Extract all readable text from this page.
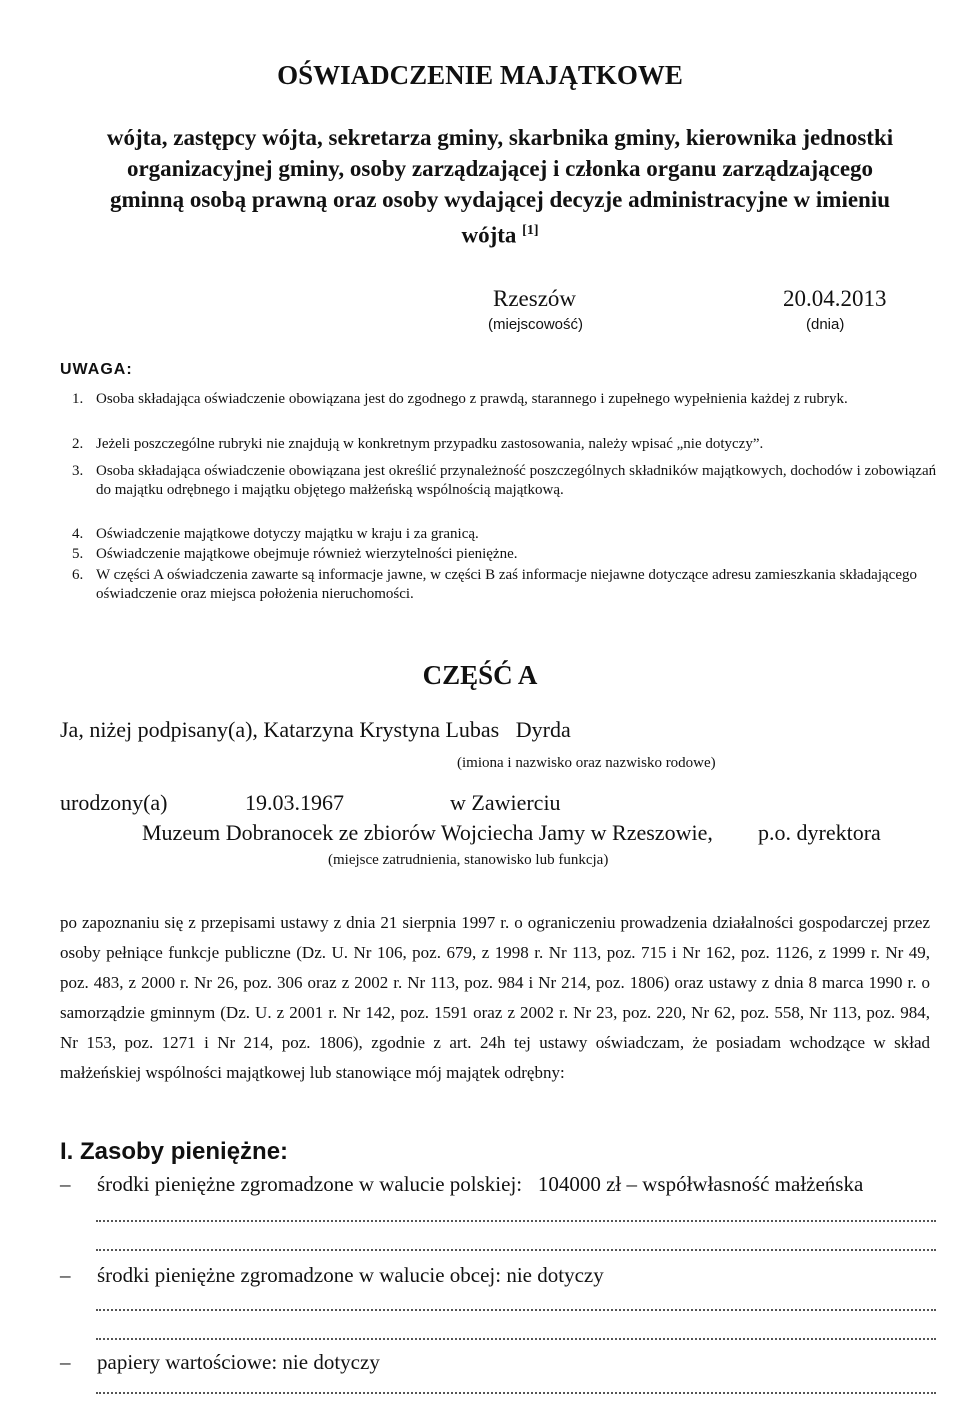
OŚWIADCZENIE MAJĄTKOWE
wójta, zastępcy wójta, sekretarza gminy, skarbnika gminy, kierownika jednostki
organizacyjnej gminy, osoby zarządzającej i członka organu zarządzającego
gminną osobą prawną oraz osoby wydającej decyzje administracyjne w imieniu
wójta [1]
Rzeszów
(miejscowość)
20.04.2013
(dnia)
UWAGA:
1. Osoba składająca oświadczenie obowiązana jest do zgodnego z prawdą, starannego i zupełnego wypełnienia każdej z rubryk.
2. Jeżeli poszczególne rubryki nie znajdują w konkretnym przypadku zastosowania, należy wpisać „nie dotyczy”.
3. Osoba składająca oświadczenie obowiązana jest określić przynależność poszczególnych składników majątkowych, dochodów i zobowiązań do majątku odrębnego i majątku objętego małżeńską wspólnością majątkową.
4. Oświadczenie majątkowe dotyczy majątku w kraju i za granicą.
5. Oświadczenie majątkowe obejmuje również wierzytelności pieniężne.
6. W części A oświadczenia zawarte są informacje jawne, w części B zaś informacje niejawne dotyczące adresu zamieszkania składającego oświadczenie oraz miejsca położenia nieruchomości.
CZĘŚĆ A
Ja, niżej podpisany(a), Katarzyna Krystyna Lubas   Dyrda
(imiona i nazwisko oraz nazwisko rodowe)
urodzony(a)	19.03.1967	w Zawierciu
Muzeum Dobranocek ze zbiorów Wojciecha Jamy w Rzeszowie, p.o. dyrektora
(miejsce zatrudnienia, stanowisko lub funkcja)
po zapoznaniu się z przepisami ustawy z dnia 21 sierpnia 1997 r. o ograniczeniu prowadzenia działalności gospodarczej przez osoby pełniące funkcje publiczne (Dz. U. Nr 106, poz. 679, z 1998 r. Nr 113, poz. 715 i Nr 162, poz. 1126, z 1999 r. Nr 49, poz. 483, z 2000 r. Nr 26, poz. 306 oraz z 2002 r. Nr 113, poz. 984 i Nr 214, poz. 1806) oraz ustawy z dnia 8 marca 1990 r. o samorządzie gminnym (Dz. U. z 2001 r. Nr 142, poz. 1591 oraz z 2002 r. Nr 23, poz. 220, Nr 62, poz. 558, Nr 113, poz. 984, Nr 153, poz. 1271 i Nr 214, poz. 1806), zgodnie z art. 24h tej ustawy oświadczam, że posiadam wchodzące w skład małżeńskiej wspólności majątkowej lub stanowiące mój majątek odrębny:
I. Zasoby pieniężne:
– środki pieniężne zgromadzone w walucie polskiej:   104000 zł – współwłasność małżeńska
– środki pieniężne zgromadzone w walucie obcej: nie dotyczy
– papiery wartościowe: nie dotyczy
